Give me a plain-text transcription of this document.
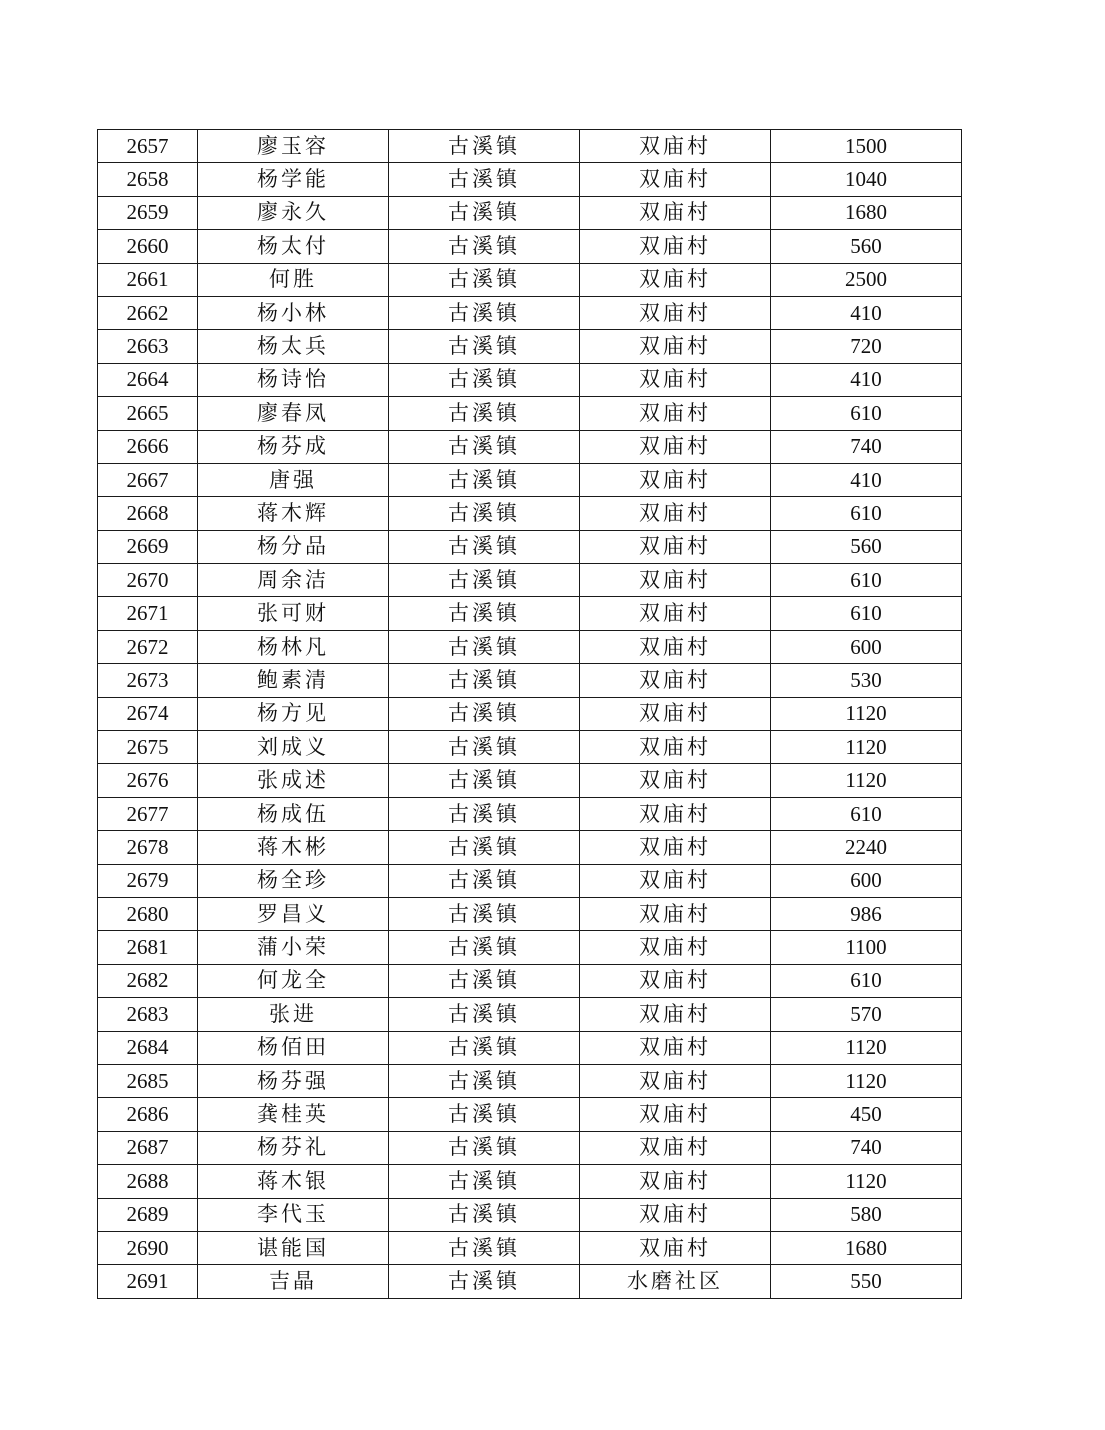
2657	廖玉容	古溪镇	双庙村	1500
2658	杨学能	古溪镇	双庙村	1040
2659	廖永久	古溪镇	双庙村	1680
2660	杨太付	古溪镇	双庙村	560
2661	何胜	古溪镇	双庙村	2500
2662	杨小林	古溪镇	双庙村	410
2663	杨太兵	古溪镇	双庙村	720
2664	杨诗怡	古溪镇	双庙村	410
2665	廖春凤	古溪镇	双庙村	610
2666	杨芬成	古溪镇	双庙村	740
2667	唐强	古溪镇	双庙村	410
2668	蒋木辉	古溪镇	双庙村	610
2669	杨分品	古溪镇	双庙村	560
2670	周余洁	古溪镇	双庙村	610
2671	张可财	古溪镇	双庙村	610
2672	杨林凡	古溪镇	双庙村	600
2673	鲍素清	古溪镇	双庙村	530
2674	杨方见	古溪镇	双庙村	1120
2675	刘成义	古溪镇	双庙村	1120
2676	张成述	古溪镇	双庙村	1120
2677	杨成伍	古溪镇	双庙村	610
2678	蒋木彬	古溪镇	双庙村	2240
2679	杨全珍	古溪镇	双庙村	600
2680	罗昌义	古溪镇	双庙村	986
2681	蒲小荣	古溪镇	双庙村	1100
2682	何龙全	古溪镇	双庙村	610
2683	张进	古溪镇	双庙村	570
2684	杨佰田	古溪镇	双庙村	1120
2685	杨芬强	古溪镇	双庙村	1120
2686	龚桂英	古溪镇	双庙村	450
2687	杨芬礼	古溪镇	双庙村	740
2688	蒋木银	古溪镇	双庙村	1120
2689	李代玉	古溪镇	双庙村	580
2690	谌能国	古溪镇	双庙村	1680
2691	吉晶	古溪镇	水磨社区	550
